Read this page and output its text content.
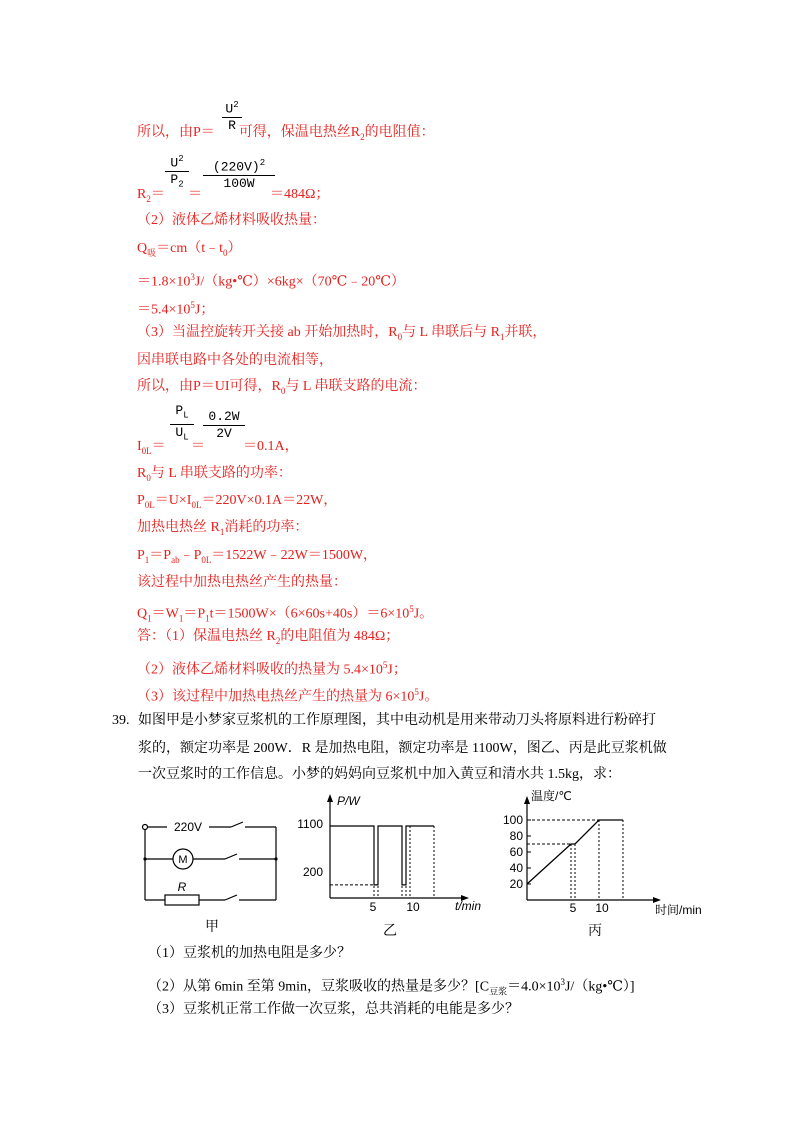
$U^2$
R
所以，由P＝ 可得，保温电热丝$R_2$的电阻值：
$U^2$
$P_2$
$(220V)^2$
100W
$R_2=$ ＝	＝484Ω；
（2）液体乙烯材料吸收热量：
$Q_吸=cm(t﹣t_0)$
$=1.8\times 10^3J/(kg•℃)\times 6kg\times(70℃﹣20℃)$
$=5.4\times 10^5J$；
（3）当温控旋转开关接 ab 开始加热时，$R_0$与 L 串联后与 $R_1$并联，
因串联电路中各处的电流相等，
所以，由P＝UI可得，$R_0$与 L 串联支路的电流：
$P_L$
$U_L$
0.2W
2V
$I_{0L}=$ ＝	＝0.1A，
$R_0$与 L 串联支路的功率：
$P_{0L}=U\times I_{0L}=220V\times 0.1A=22W$，
加热电热丝 $R_1$消耗的功率：
$P_1=P_{ab}﹣P_{0L}=1522W﹣22W=1500W$，
该过程中加热电热丝产生的热量：
$Q_1=W_1=P_1t=1500W\times(6\times 60s+40s)=6\times 10^5J$。
答：（1）保温电热丝 $R_2$的电阻值为 484Ω；
（2）液体乙烯材料吸收的热量为 $5.4\times 10^5J$；
（3）该过程中加热电热丝产生的热量为 $6\times 10^5J$。
39. 如图甲是小梦家豆浆机的工作原理图，其中电动机是用来带动刀头将原料进行粉碎打
浆的，额定功率是 200W．R 是加热电阻，额定功率是 1100W，图乙、丙是此豆浆机做
一次豆浆时的工作信息。小梦的妈妈向豆浆机中加入黄豆和清水共 1.5kg，求：
220V
M
R
甲
P/W
t/min
1100
200
5 10
乙
温度/℃
时间/min
20
40
60
80
100
5 10
丙
（1）豆浆机的加热电阻是多少？
（2）从第 6min 至第 9min，豆浆吸收的热量是多少？$[C_{豆浆}=4.0\times 10^3J/(kg•℃)]$
（3）豆浆机正常工作做一次豆浆，总共消耗的电能是多少？
